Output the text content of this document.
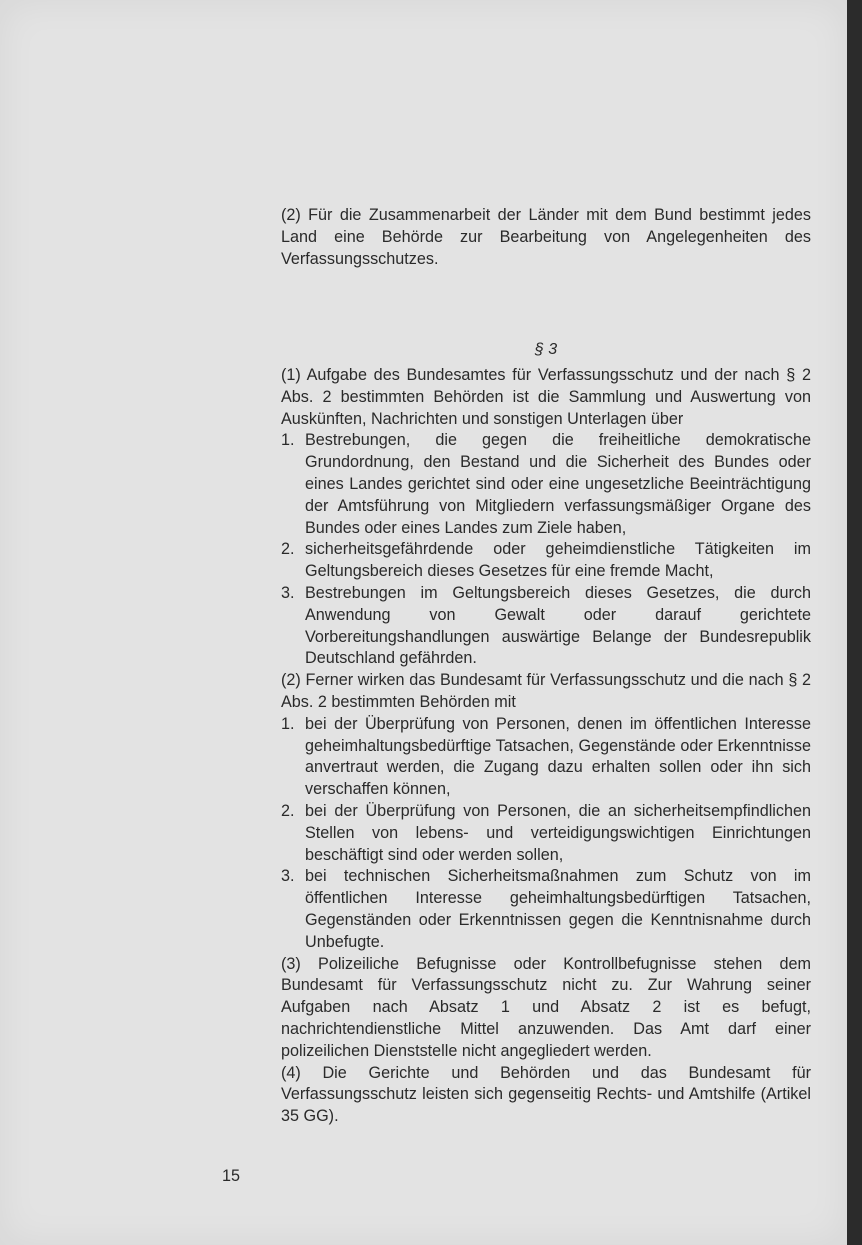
(2) Für die Zusammenarbeit der Länder mit dem Bund bestimmt jedes Land eine Behörde zur Bearbeitung von Angelegenheiten des Verfassungsschutzes.

§ 3

(1) Aufgabe des Bundesamtes für Verfassungsschutz und der nach § 2 Abs. 2 bestimmten Behörden ist die Sammlung und Auswertung von Auskünften, Nachrichten und sonstigen Unterlagen über

1. Bestrebungen, die gegen die freiheitliche demokratische Grundordnung, den Bestand und die Sicherheit des Bundes oder eines Landes gerichtet sind oder eine ungesetzliche Beeinträchtigung der Amtsführung von Mitgliedern verfassungsmäßiger Organe des Bundes oder eines Landes zum Ziele haben,
2. sicherheitsgefährdende oder geheimdienstliche Tätigkeiten im Geltungsbereich dieses Gesetzes für eine fremde Macht,
3. Bestrebungen im Geltungsbereich dieses Gesetzes, die durch Anwendung von Gewalt oder darauf gerichtete Vorbereitungshandlungen auswärtige Belange der Bundesrepublik Deutschland gefährden.

(2) Ferner wirken das Bundesamt für Verfassungsschutz und die nach § 2 Abs. 2 bestimmten Behörden mit

1. bei der Überprüfung von Personen, denen im öffentlichen Interesse geheimhaltungsbedürftige Tatsachen, Gegenstände oder Erkenntnisse anvertraut werden, die Zugang dazu erhalten sollen oder ihn sich verschaffen können,
2. bei der Überprüfung von Personen, die an sicherheitsempfindlichen Stellen von lebens- und verteidigungswichtigen Einrichtungen beschäftigt sind oder werden sollen,
3. bei technischen Sicherheitsmaßnahmen zum Schutz von im öffentlichen Interesse geheimhaltungsbedürftigen Tatsachen, Gegenständen oder Erkenntnissen gegen die Kenntnisnahme durch Unbefugte.

(3) Polizeiliche Befugnisse oder Kontrollbefugnisse stehen dem Bundesamt für Verfassungsschutz nicht zu. Zur Wahrung seiner Aufgaben nach Absatz 1 und Absatz 2 ist es befugt, nachrichtendienstliche Mittel anzuwenden. Das Amt darf einer polizeilichen Dienststelle nicht angegliedert werden.

(4) Die Gerichte und Behörden und das Bundesamt für Verfassungsschutz leisten sich gegenseitig Rechts- und Amtshilfe (Artikel 35 GG).

15
